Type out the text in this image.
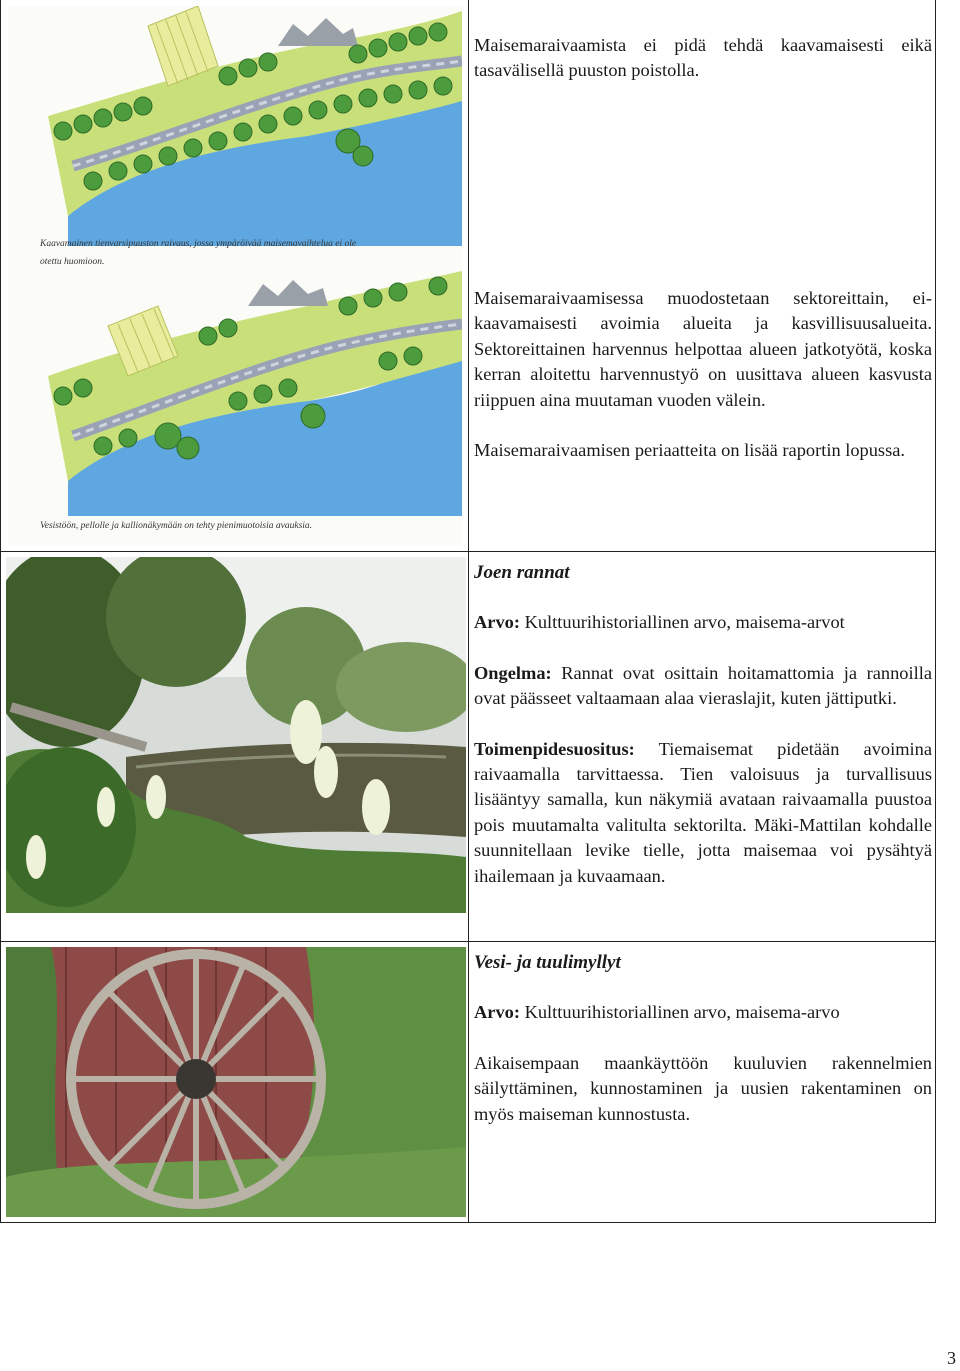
Kaavamainen tienvarsipuuston raivaus, jossa ympäröivää maisemavaihtelua ei ole
otettu huomioon.
Vesistöön, pellolle ja kallionäkymään on tehty pienimuotoisia avauksia.

Maisemaraivaamista ei pidä tehdä kaavamaisesti eikä tasavälisellä puuston poistolla.

Maisemaraivaamisessa muodostetaan sektoreittain, ei-kaavamaisesti avoimia alueita ja kasvillisuusalueita. Sektoreittainen harvennus helpottaa alueen jatkotyötä, koska kerran aloitettu harvennustyö on uusittava alueen kasvusta riippuen aina muutaman vuoden välein.

Maisemaraivaamisen periaatteita on lisää raportin lopussa.

Joen rannat

Arvo: Kulttuurihistoriallinen arvo, maisema-arvot

Ongelma: Rannat ovat osittain hoitamattomia ja rannoilla ovat päässeet valtaamaan alaa vieraslajit, kuten jättiputki.

Toimenpidesuositus: Tiemaisemat pidetään avoimina raivaamalla tarvittaessa. Tien valoisuus ja turvallisuus lisääntyy samalla, kun näkymiä avataan raivaamalla puustoa pois muutamalta valitulta sektorilta. Mäki-Mattilan kohdalle suunnitellaan levike tielle, jotta maisemaa voi pysähtyä ihailemaan ja kuvaamaan.

Vesi- ja tuulimyllyt

Arvo: Kulttuurihistoriallinen arvo, maisema-arvo

Aikaisempaan maankäyttöön kuuluvien rakennelmien säilyttäminen, kunnostaminen ja uusien rakentaminen on myös maiseman kunnostusta.

3
